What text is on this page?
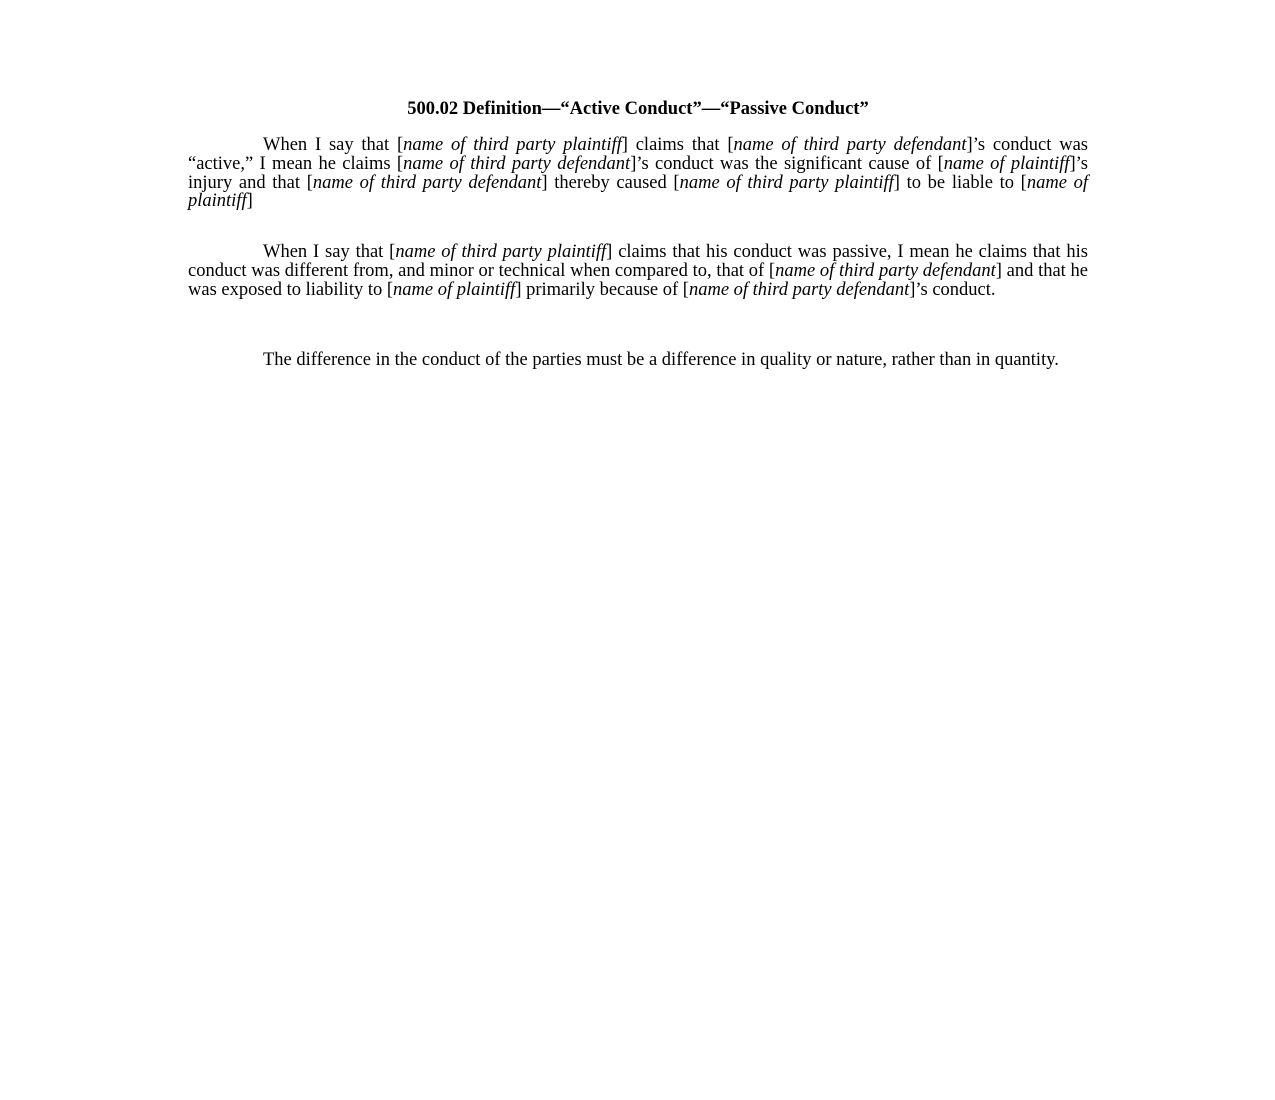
500.02 Definition—“Active Conduct”—“Passive Conduct”

When I say that [name of third party plaintiff] claims that [name of third party defendant]’s conduct was “active,” I mean he claims [name of third party defendant]’s conduct was the significant cause of [name of plaintiff]’s injury and that [name of third party defendant] thereby caused [name of third party plaintiff] to be liable to [name of plaintiff]

When I say that [name of third party plaintiff] claims that his conduct was passive, I mean he claims that his conduct was different from, and minor or technical when compared to, that of [name of third party defendant] and that he was exposed to liability to [name of plaintiff] primarily because of [name of third party defendant]’s conduct.

The difference in the conduct of the parties must be a difference in quality or nature, rather than in quantity.
